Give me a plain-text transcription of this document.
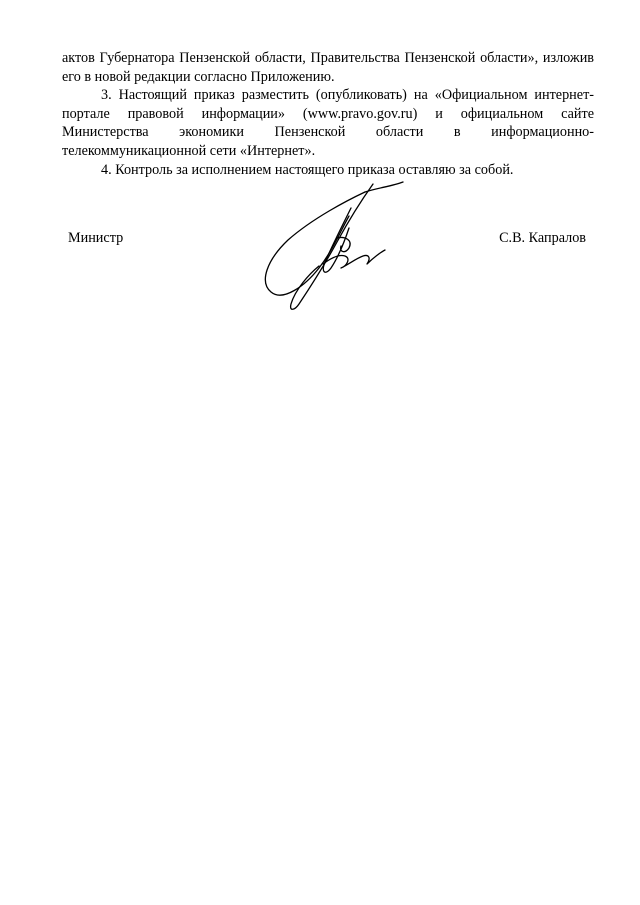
актов Губернатора Пензенской области, Правительства Пензенской области», изложив его в новой редакции согласно Приложению.

3. Настоящий приказ разместить (опубликовать) на «Официальном интернет-портале правовой информации» (www.pravo.gov.ru) и официальном сайте Министерства экономики Пензенской области в информационно-телекоммуникационной сети «Интернет».

4. Контроль за исполнением настоящего приказа оставляю за собой.

Министр	С.В. Капралов
